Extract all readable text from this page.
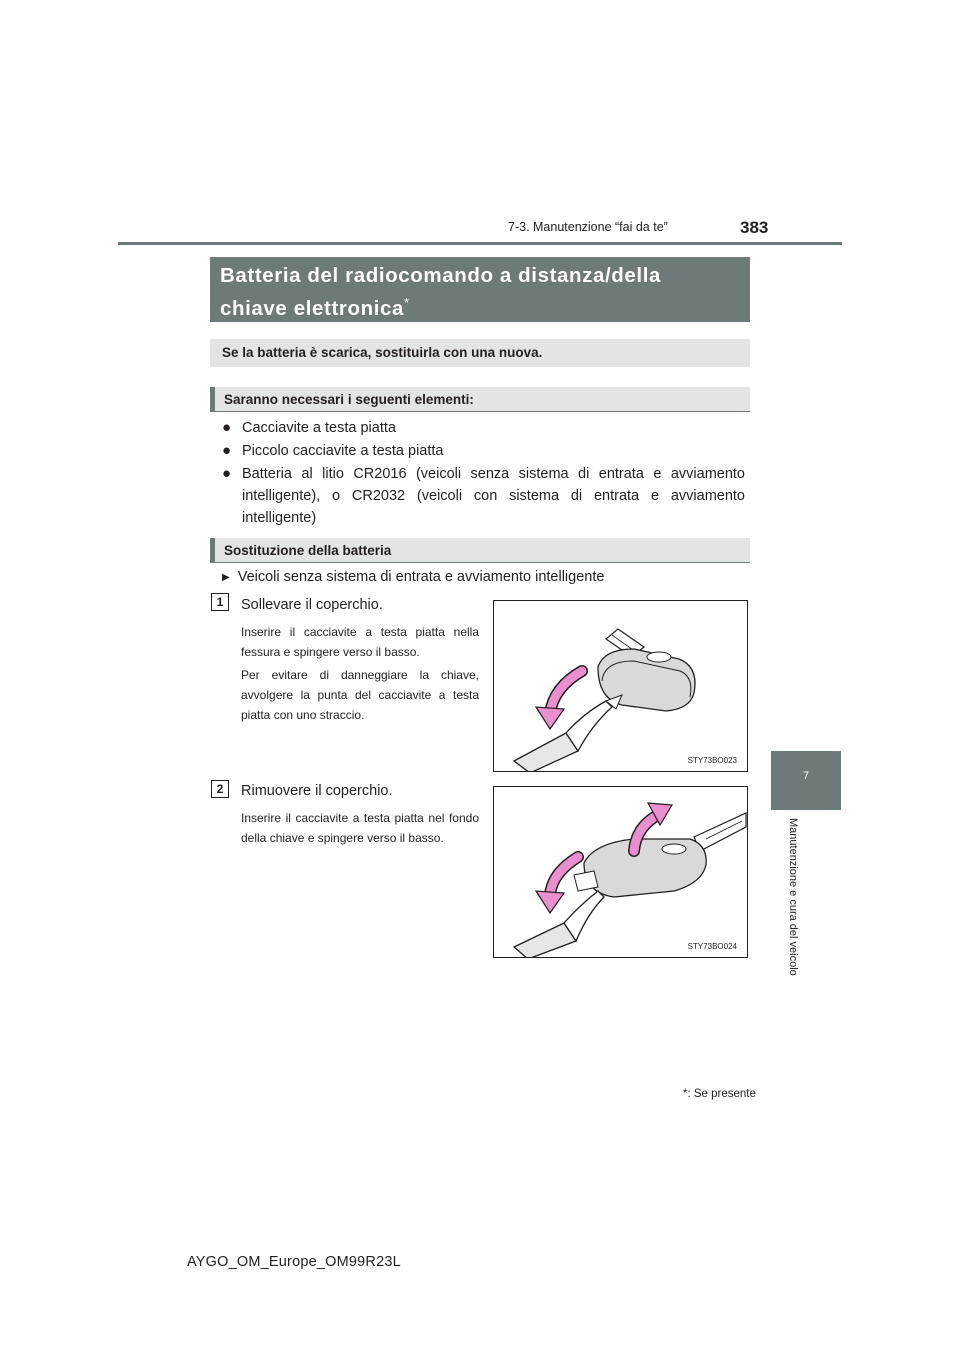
7-3. Manutenzione “fai da te”	383
7
Manutenzione e cura del veicolo
Batteria del radiocomando a distanza/della
chiave elettronica*
Se la batteria è scarica, sostituirla con una nuova.
Saranno necessari i seguenti elementi:
● Cacciavite a testa piatta
● Piccolo cacciavite a testa piatta
● Batteria al litio CR2016 (veicoli senza sistema di entrata e avviamento intelligente), o CR2032 (veicoli con sistema di entrata e avviamento intelligente)
Sostituzione della batteria
▶ Veicoli senza sistema di entrata e avviamento intelligente
1	Sollevare il coperchio.
Inserire il cacciavite a testa piatta nella fessura e spingere verso il basso.
Per evitare di danneggiare la chiave, avvolgere la punta del cacciavite a testa piatta con uno straccio.
STY73BO023
2	Rimuovere il coperchio.
Inserire il cacciavite a testa piatta nel fondo della chiave e spingere verso il basso.
STY73BO024
*: Se presente
AYGO_OM_Europe_OM99R23L
